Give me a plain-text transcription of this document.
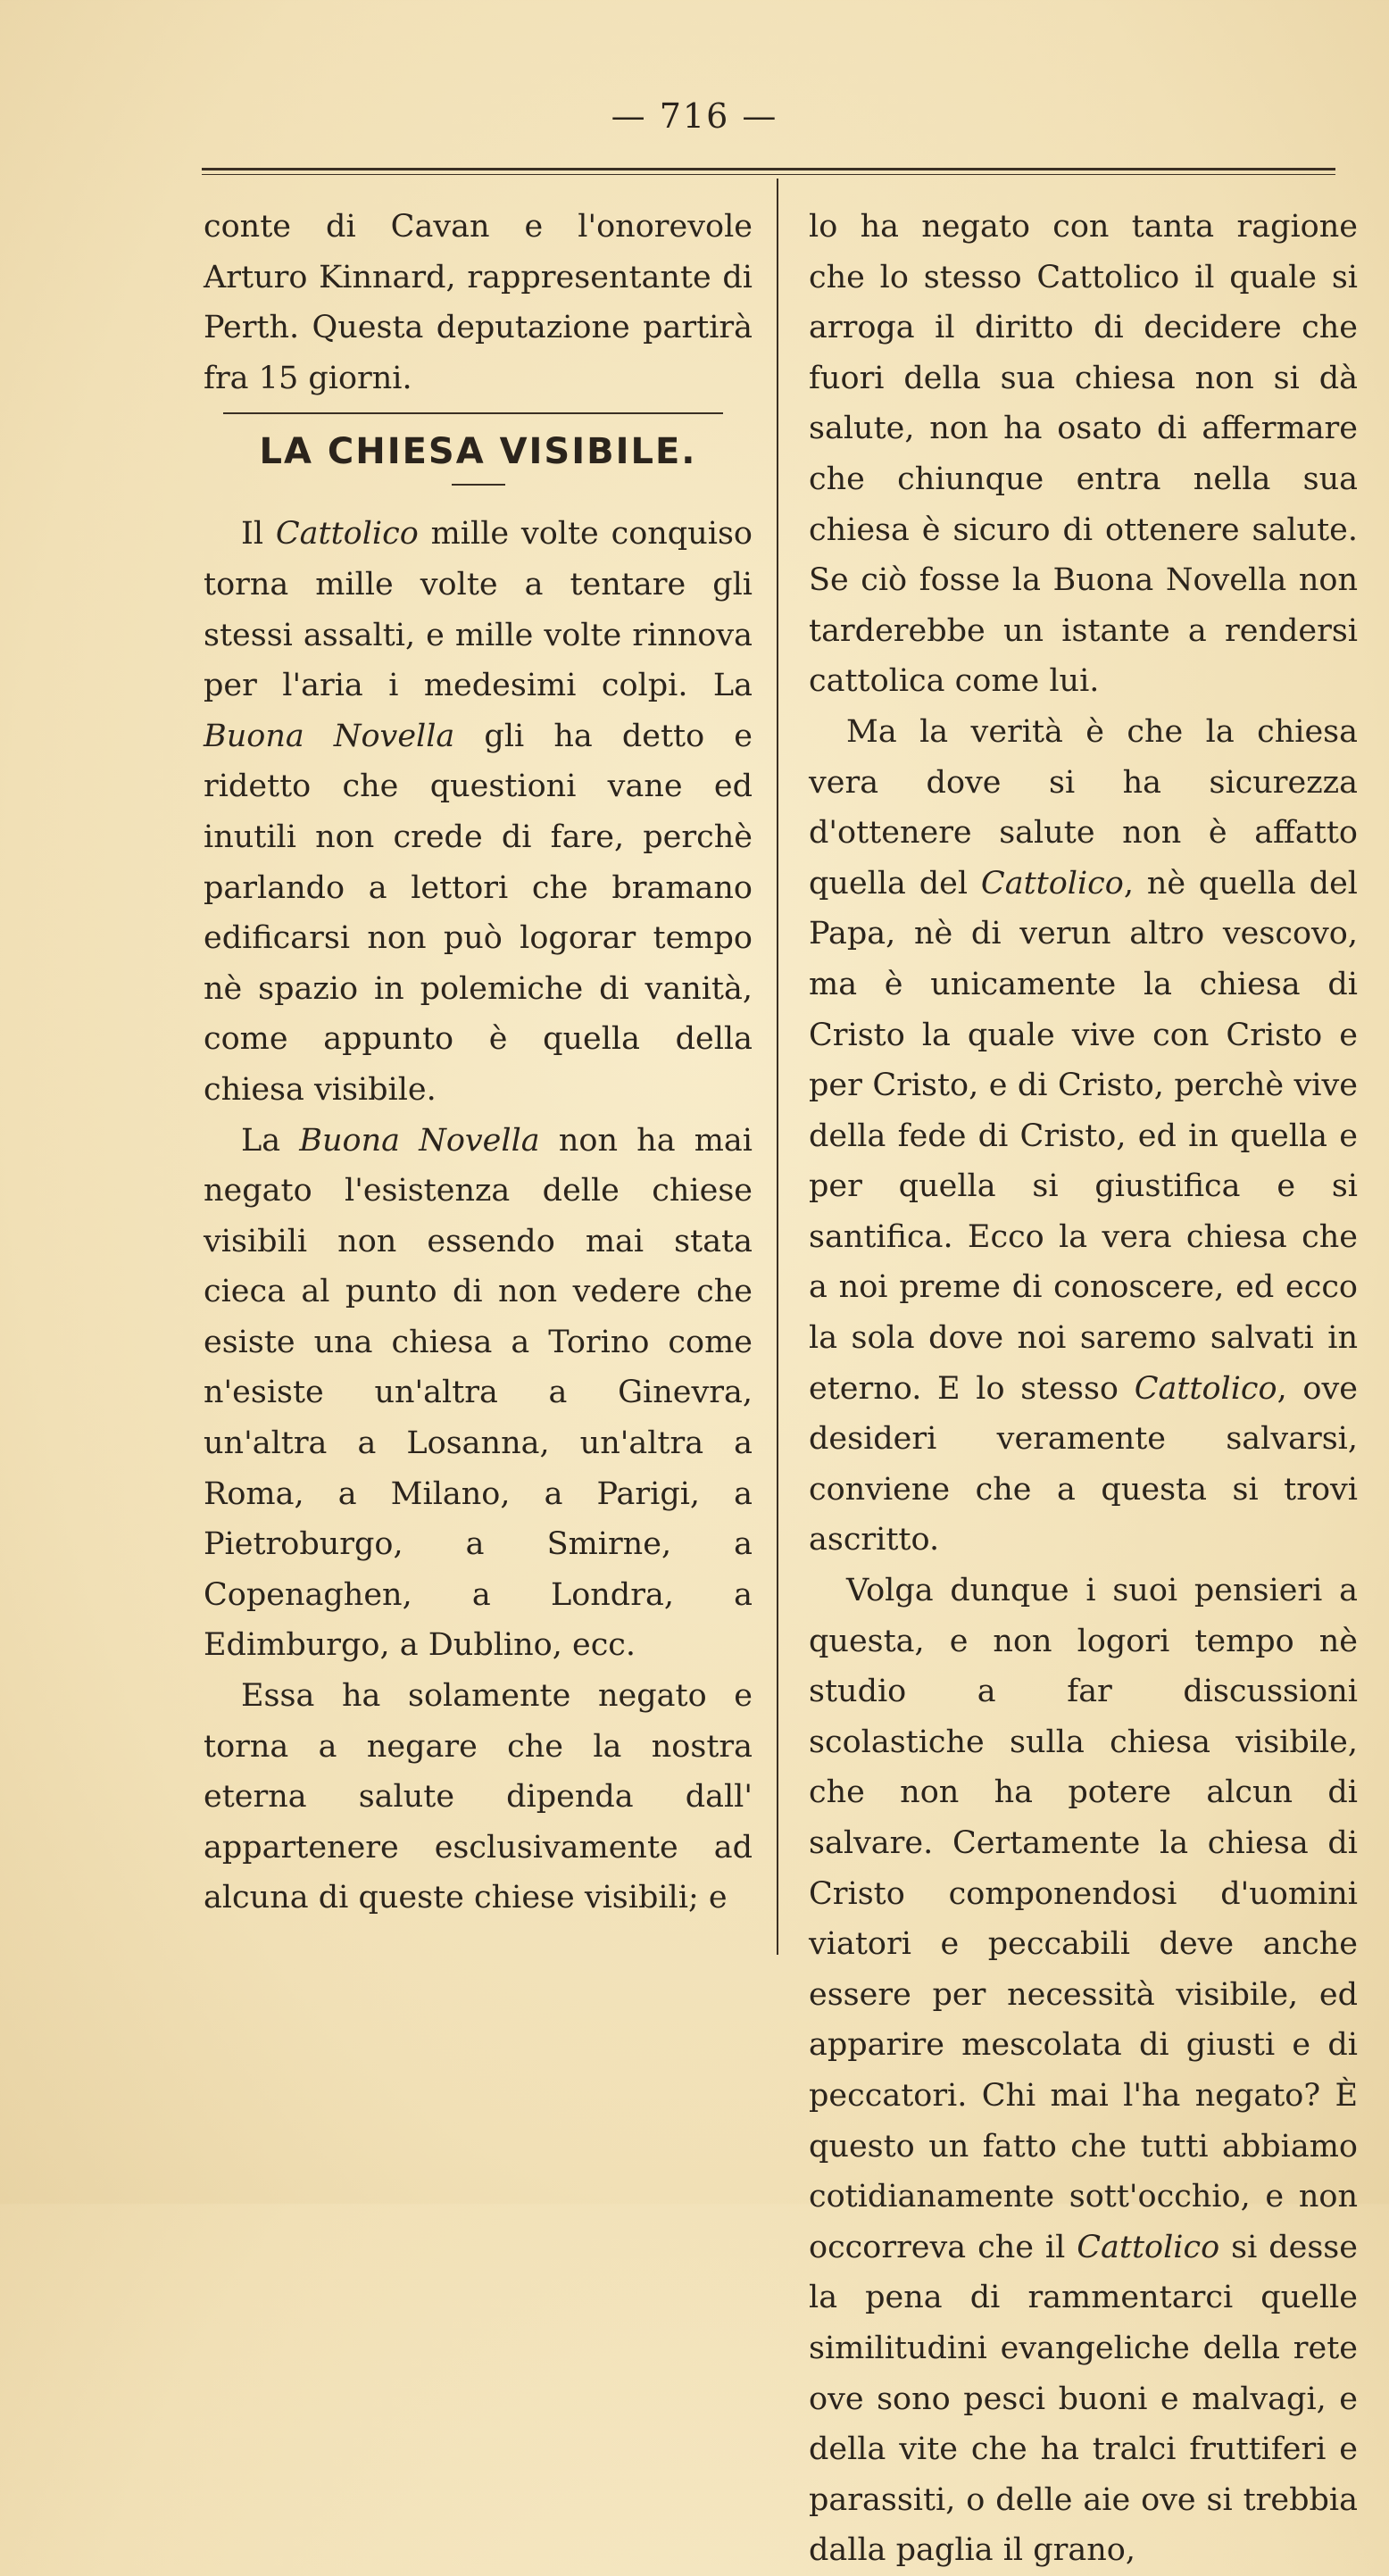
— 716 —

conte di Cavan e l'onorevole Arturo Kinnard, rappresentante di Perth. Questa deputazione partirà fra 15 giorni.

LA CHIESA VISIBILE.

Il Cattolico mille volte conquiso torna mille volte a tentare gli stessi assalti, e mille volte rinnova per l'aria i medesimi colpi. La Buona Novella gli ha detto e ridetto che questioni vane ed inutili non crede di fare, perchè parlando a lettori che bramano edificarsi non può logorar tempo nè spazio in polemiche di vanità, come appunto è quella della chiesa visibile.

La Buona Novella non ha mai negato l'esistenza delle chiese visibili non essendo mai stata cieca al punto di non vedere che esiste una chiesa a Torino come n'esiste un'altra a Ginevra, un'altra a Losanna, un'altra a Roma, a Milano, a Parigi, a Pietroburgo, a Smirne, a Copenaghen, a Londra, a Edimburgo, a Dublino, ecc.

Essa ha solamente negato e torna a negare che la nostra eterna salute dipenda dall' appartenere esclusivamente ad alcuna di queste chiese visibili; e

lo ha negato con tanta ragione che lo stesso Cattolico il quale si arroga il diritto di decidere che fuori della sua chiesa non si dà salute, non ha osato di affermare che chiunque entra nella sua chiesa è sicuro di ottenere salute. Se ciò fosse la Buona Novella non tarderebbe un istante a rendersi cattolica come lui.

Ma la verità è che la chiesa vera dove si ha sicurezza d'ottenere salute non è affatto quella del Cattolico, nè quella del Papa, nè di verun altro vescovo, ma è unicamente la chiesa di Cristo la quale vive con Cristo e per Cristo, e di Cristo, perchè vive della fede di Cristo, ed in quella e per quella si giustifica e si santifica. Ecco la vera chiesa che a noi preme di conoscere, ed ecco la sola dove noi saremo salvati in eterno. E lo stesso Cattolico, ove desideri veramente salvarsi, conviene che a questa si trovi ascritto.

Volga dunque i suoi pensieri a questa, e non logori tempo nè studio a far discussioni scolastiche sulla chiesa visibile, che non ha potere alcun di salvare. Certamente la chiesa di Cristo componendosi d'uomini viatori e peccabili deve anche essere per necessità visibile, ed apparire mescolata di giusti e di peccatori. Chi mai l'ha negato? È questo un fatto che tutti abbiamo cotidianamente sott'occhio, e non occorreva che il Cattolico si desse la pena di rammentarci quelle similitudini evangeliche della rete ove sono pesci buoni e malvagi, e della vite che ha tralci fruttiferi e parassiti, o delle aie ove si trebbia dalla paglia il grano,
